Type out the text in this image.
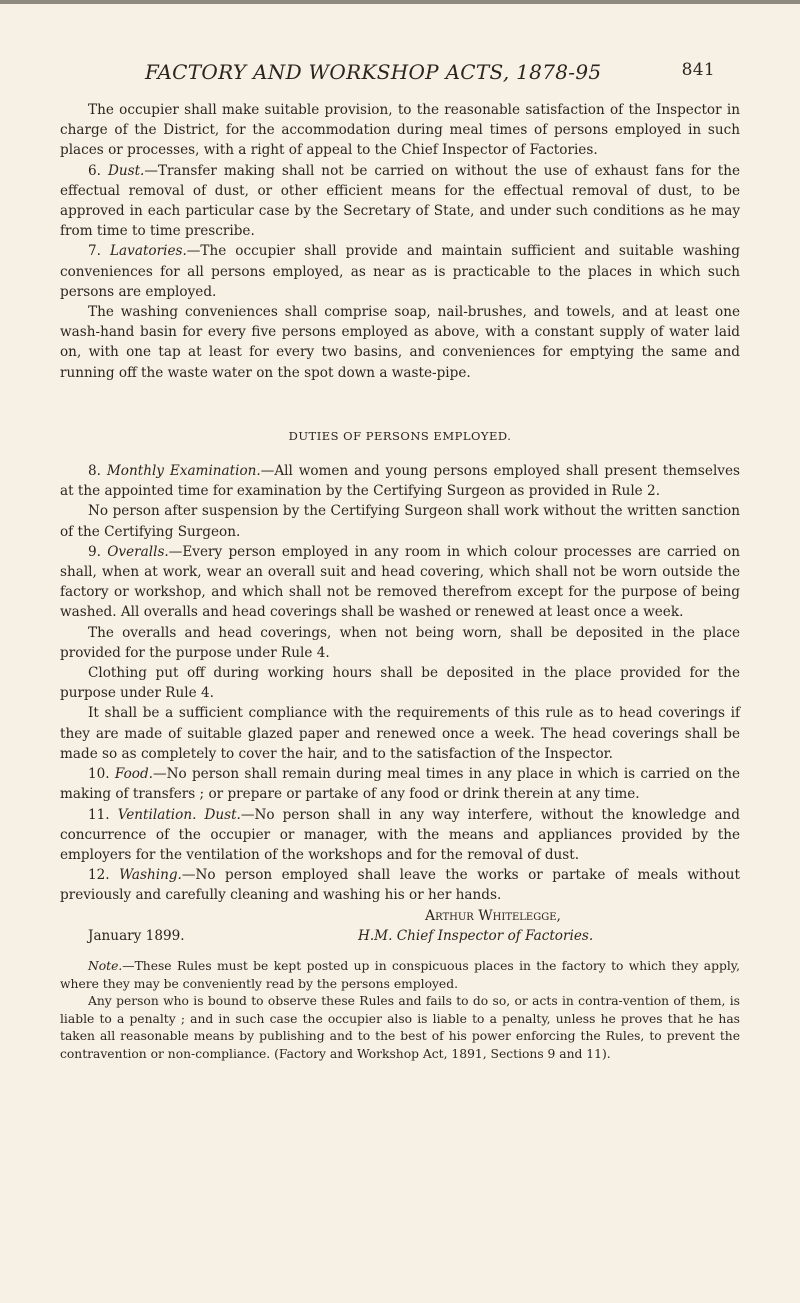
FACTORY AND WORKSHOP ACTS, 1878-95	841

The occupier shall make suitable provision, to the reasonable satisfaction of the Inspector in charge of the District, for the accommodation during meal times of persons employed in such places or processes, with a right of appeal to the Chief Inspector of Factories.

6. Dust.—Transfer making shall not be carried on without the use of exhaust fans for the effectual removal of dust, or other efficient means for the effectual removal of dust, to be approved in each particular case by the Secretary of State, and under such conditions as he may from time to time prescribe.

7. Lavatories.—The occupier shall provide and maintain sufficient and suitable washing conveniences for all persons employed, as near as is practicable to the places in which such persons are employed.

The washing conveniences shall comprise soap, nail-brushes, and towels, and at least one wash-hand basin for every five persons employed as above, with a constant supply of water laid on, with one tap at least for every two basins, and conveniences for emptying the same and running off the waste water on the spot down a waste-pipe.

DUTIES OF PERSONS EMPLOYED.

8. Monthly Examination.—All women and young persons employed shall present themselves at the appointed time for examination by the Certifying Surgeon as provided in Rule 2.

No person after suspension by the Certifying Surgeon shall work without the written sanction of the Certifying Surgeon.

9. Overalls.—Every person employed in any room in which colour processes are carried on shall, when at work, wear an overall suit and head covering, which shall not be worn outside the factory or workshop, and which shall not be removed therefrom except for the purpose of being washed. All overalls and head coverings shall be washed or renewed at least once a week.

The overalls and head coverings, when not being worn, shall be deposited in the place provided for the purpose under Rule 4.

Clothing put off during working hours shall be deposited in the place provided for the purpose under Rule 4.

It shall be a sufficient compliance with the requirements of this rule as to head coverings if they are made of suitable glazed paper and renewed once a week. The head coverings shall be made so as completely to cover the hair, and to the satisfaction of the Inspector.

10. Food.—No person shall remain during meal times in any place in which is carried on the making of transfers ; or prepare or partake of any food or drink therein at any time.

11. Ventilation. Dust.—No person shall in any way interfere, without the knowledge and concurrence of the occupier or manager, with the means and appliances provided by the employers for the ventilation of the workshops and for the removal of dust.

12. Washing.—No person employed shall leave the works or partake of meals without previously and carefully cleaning and washing his or her hands.

Arthur Whitelegge,

January 1899.	H.M. Chief Inspector of Factories.

Note.—These Rules must be kept posted up in conspicuous places in the factory to which they apply, where they may be conveniently read by the persons employed.

Any person who is bound to observe these Rules and fails to do so, or acts in contra-vention of them, is liable to a penalty ; and in such case the occupier also is liable to a penalty, unless he proves that he has taken all reasonable means by publishing and to the best of his power enforcing the Rules, to prevent the contravention or non-compliance. (Factory and Workshop Act, 1891, Sections 9 and 11).
